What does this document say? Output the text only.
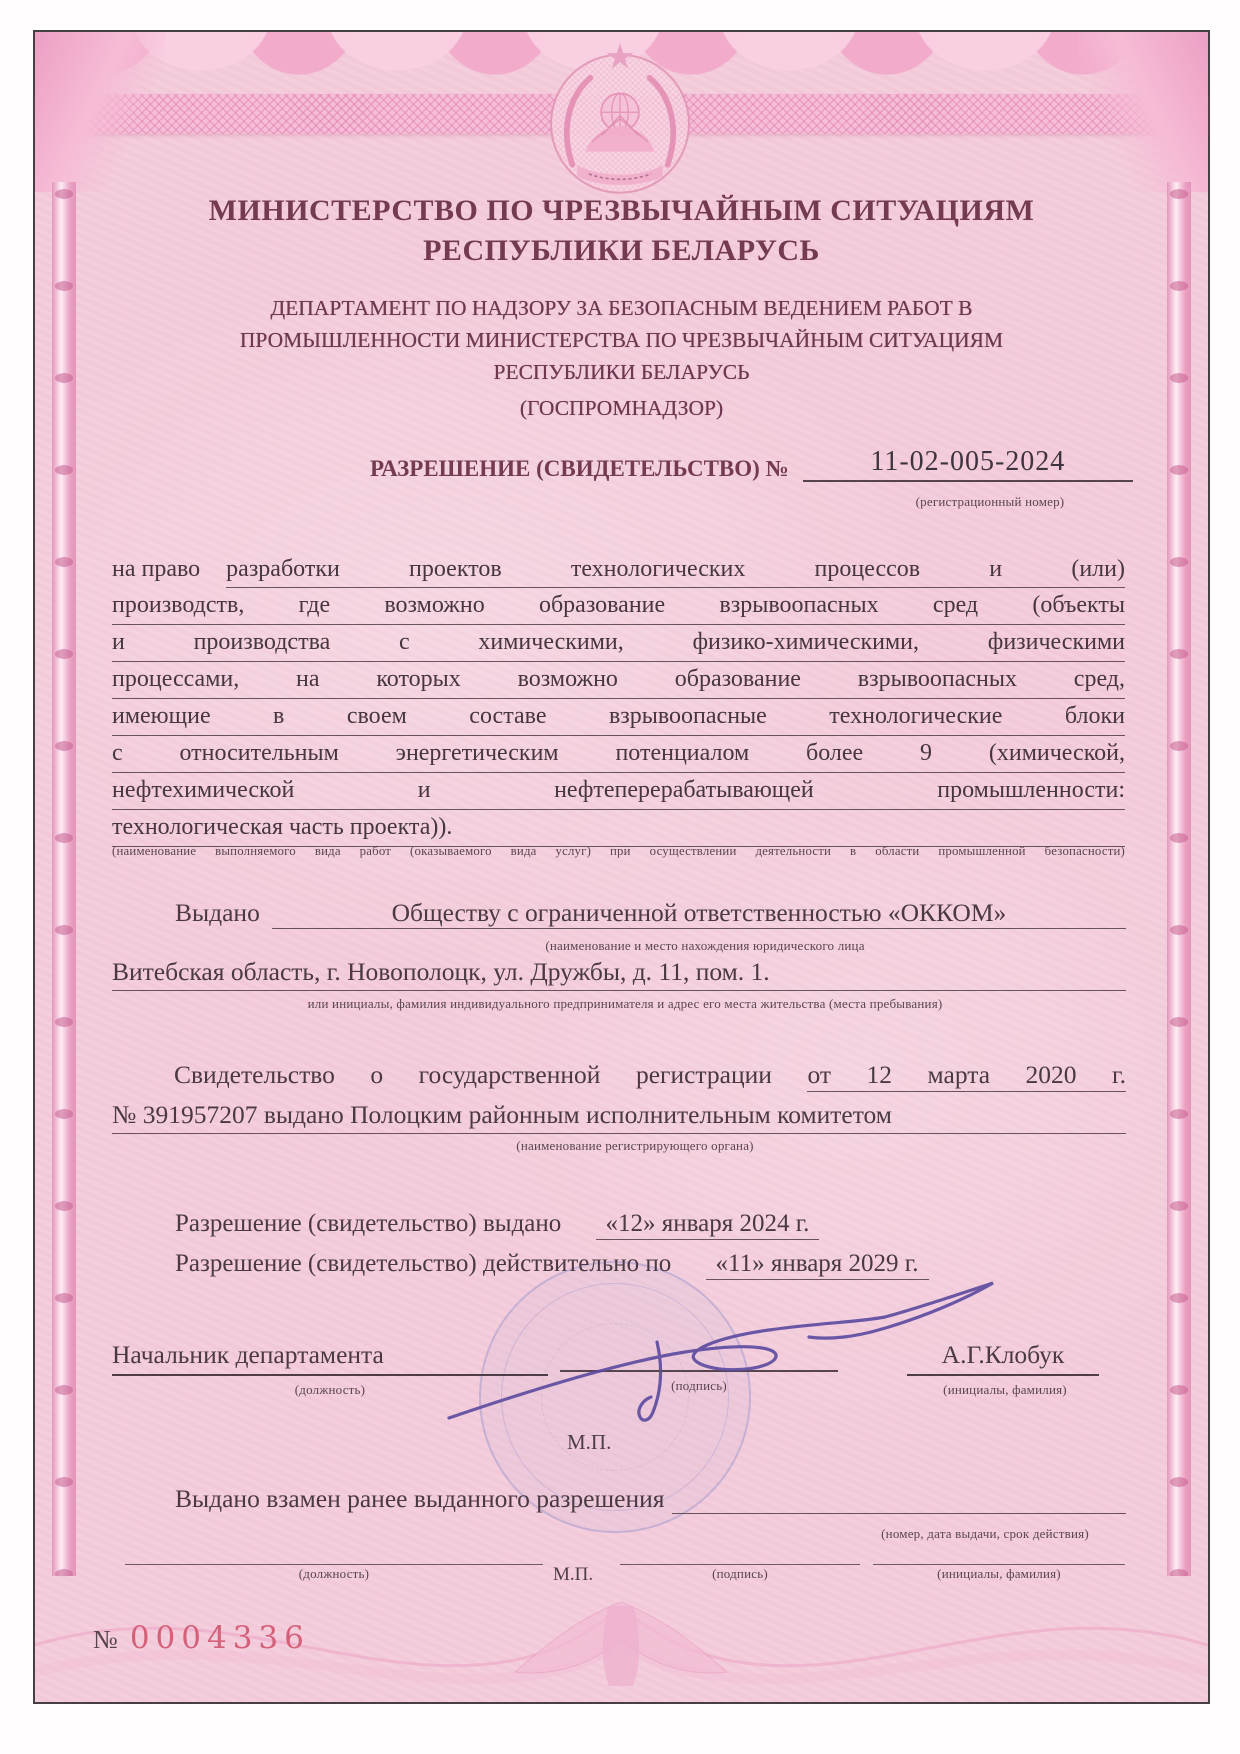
МИНИСТЕРСТВО ПО ЧРЕЗВЫЧАЙНЫМ СИТУАЦИЯМ
РЕСПУБЛИКИ БЕЛАРУСЬ
ДЕПАРТАМЕНТ ПО НАДЗОРУ ЗА БЕЗОПАСНЫМ ВЕДЕНИЕМ РАБОТ В
ПРОМЫШЛЕННОСТИ МИНИСТЕРСТВА ПО ЧРЕЗВЫЧАЙНЫМ СИТУАЦИЯМ
РЕСПУБЛИКИ БЕЛАРУСЬ
(ГОСПРОМНАДЗОР)
РАЗРЕШЕНИЕ (СВИДЕТЕЛЬСТВО) №	11-02-005-2024
(регистрационный номер)
на право разработки проектов технологических процессов и (или)
производств, где возможно образование взрывоопасных сред (объекты
и производства с химическими, физико-химическими, физическими
процессами, на которых возможно образование взрывоопасных сред,
имеющие в своем составе взрывоопасные технологические блоки
с относительным энергетическим потенциалом более 9 (химической,
нефтехимической и нефтеперерабатывающей промышленности:
технологическая часть проекта)).
(наименование выполняемого вида работ (оказываемого вида услуг) при осуществлении деятельности в области промышленной безопасности)
Выдано	Обществу с ограниченной ответственностью «ОККОМ»
(наименование и место нахождения юридического лица
Витебская область, г. Новополоцк, ул. Дружбы, д. 11, пом. 1.
или инициалы, фамилия индивидуального предпринимателя и адрес его места жительства (места пребывания)
Свидетельство о государственной регистрации от 12 марта 2020 г.
№ 391957207 выдано Полоцким районным исполнительным комитетом
(наименование регистрирующего органа)
Разрешение (свидетельство) выдано «12» января 2024 г.
Разрешение (свидетельство) действительно по «11» января 2029 г.
Начальник департамента
(должность)	(подпись)
М.П.
А.Г.Клобук
(инициалы, фамилия)
Выдано взамен ранее выданного разрешения
(номер, дата выдачи, срок действия)
(должность)	М.П.	(подпись)	(инициалы, фамилия)
№ 0004336
